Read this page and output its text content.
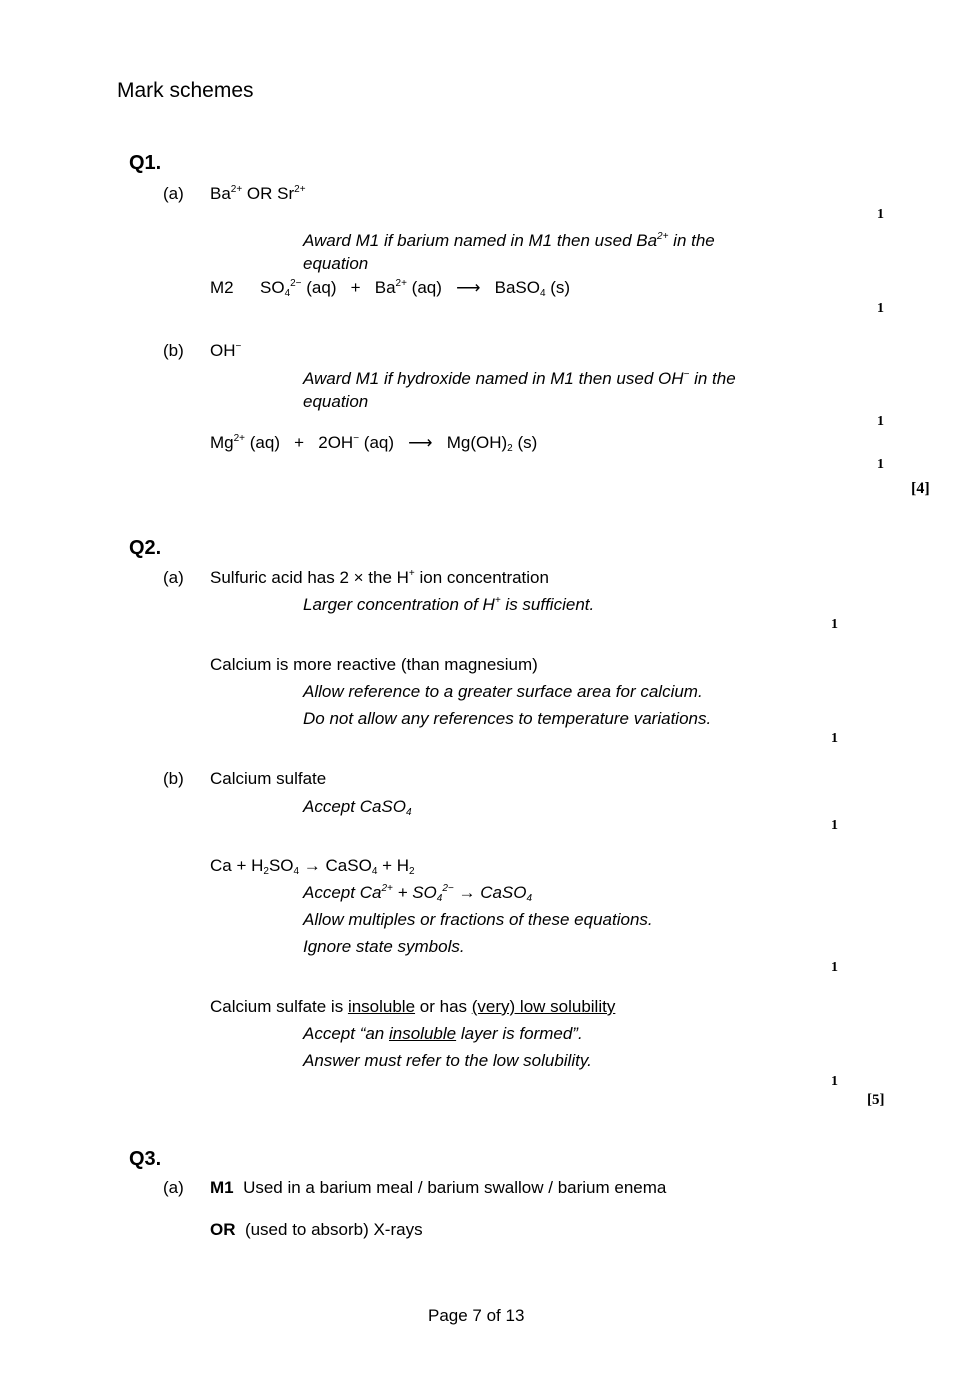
Mark schemes
Q1.
(a) $Ba^{2+}$ OR $Sr^{2+}$
1
Award M1 if barium named in M1 then used $Ba^{2+}$ in the
equation
M2 $SO_4^{2-}$ $(aq) + Ba^{2+}$ (aq)   ⟶   BaSO$_4$ (s)
1
(b) OH−
Award M1 if hydroxide named in M1 then used OH− in the
equation
1
$Mg^{2+}$ (aq)   +   2OH− (aq)   ⟶   $Mg(OH)_2$ (s)
1
[4]
Q2.
(a) Sulfuric acid has 2 × the H+ ion concentration
Larger concentration of H+ is sufficient.
1
Calcium is more reactive (than magnesium)
Allow reference to a greater surface area for calcium.
Do not allow any references to temperature variations.
1
(b) Calcium sulfate
Accept CaSO$_4$
1
$Ca + H_2SO_4$ → CaSO$_4$ + $H_2$
Accept $Ca^{2+} + SO_4^{2-}$ → CaSO$_4$
Allow multiples or fractions of these equations.
Ignore state symbols.
1
Calcium sulfate is insoluble or has (very) low solubility
Accept “an insoluble layer is formed”.
Answer must refer to the low solubility.
1
[5]
Q3.
(a) M1  Used in a barium meal / barium swallow / barium enema
OR  (used to absorb) X-rays
Page 7 of 13
